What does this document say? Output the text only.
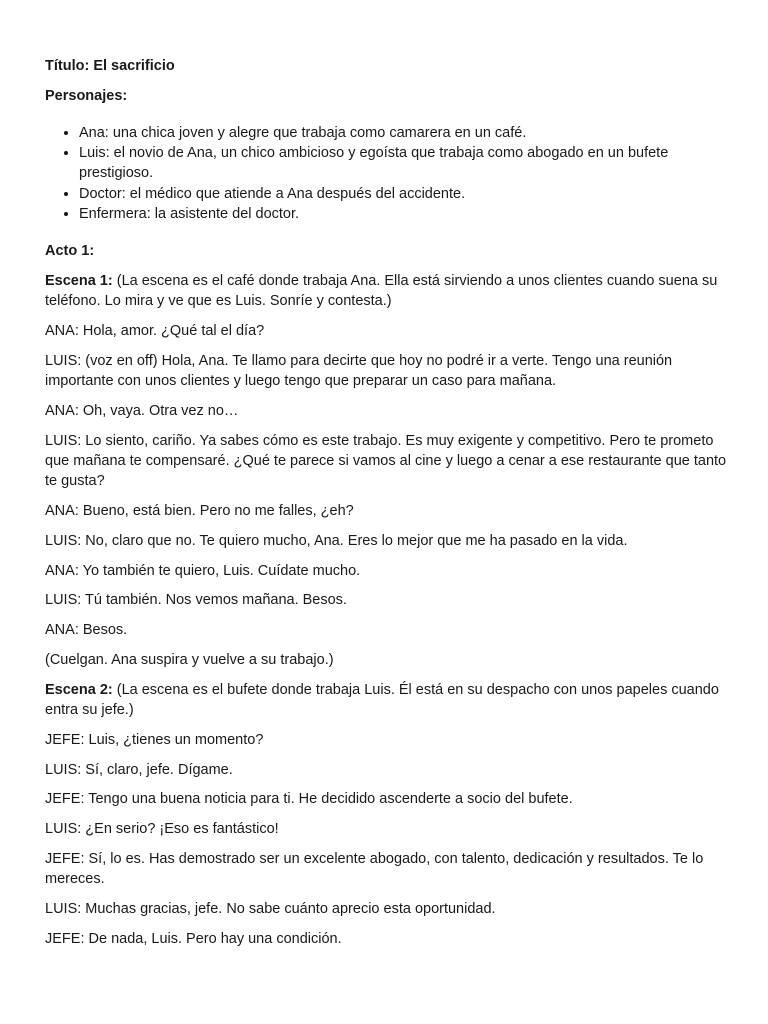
Título: El sacrificio

Personajes:

• Ana: una chica joven y alegre que trabaja como camarera en un café.
• Luis: el novio de Ana, un chico ambicioso y egoísta que trabaja como abogado en un bufete prestigioso.
• Doctor: el médico que atiende a Ana después del accidente.
• Enfermera: la asistente del doctor.

Acto 1:

Escena 1: (La escena es el café donde trabaja Ana. Ella está sirviendo a unos clientes cuando suena su teléfono. Lo mira y ve que es Luis. Sonríe y contesta.)

ANA: Hola, amor. ¿Qué tal el día?

LUIS: (voz en off) Hola, Ana. Te llamo para decirte que hoy no podré ir a verte. Tengo una reunión importante con unos clientes y luego tengo que preparar un caso para mañana.

ANA: Oh, vaya. Otra vez no…

LUIS: Lo siento, cariño. Ya sabes cómo es este trabajo. Es muy exigente y competitivo. Pero te prometo que mañana te compensaré. ¿Qué te parece si vamos al cine y luego a cenar a ese restaurante que tanto te gusta?

ANA: Bueno, está bien. Pero no me falles, ¿eh?

LUIS: No, claro que no. Te quiero mucho, Ana. Eres lo mejor que me ha pasado en la vida.

ANA: Yo también te quiero, Luis. Cuídate mucho.

LUIS: Tú también. Nos vemos mañana. Besos.

ANA: Besos.

(Cuelgan. Ana suspira y vuelve a su trabajo.)

Escena 2: (La escena es el bufete donde trabaja Luis. Él está en su despacho con unos papeles cuando entra su jefe.)

JEFE: Luis, ¿tienes un momento?

LUIS: Sí, claro, jefe. Dígame.

JEFE: Tengo una buena noticia para ti. He decidido ascenderte a socio del bufete.

LUIS: ¿En serio? ¡Eso es fantástico!

JEFE: Sí, lo es. Has demostrado ser un excelente abogado, con talento, dedicación y resultados. Te lo mereces.

LUIS: Muchas gracias, jefe. No sabe cuánto aprecio esta oportunidad.

JEFE: De nada, Luis. Pero hay una condición.
